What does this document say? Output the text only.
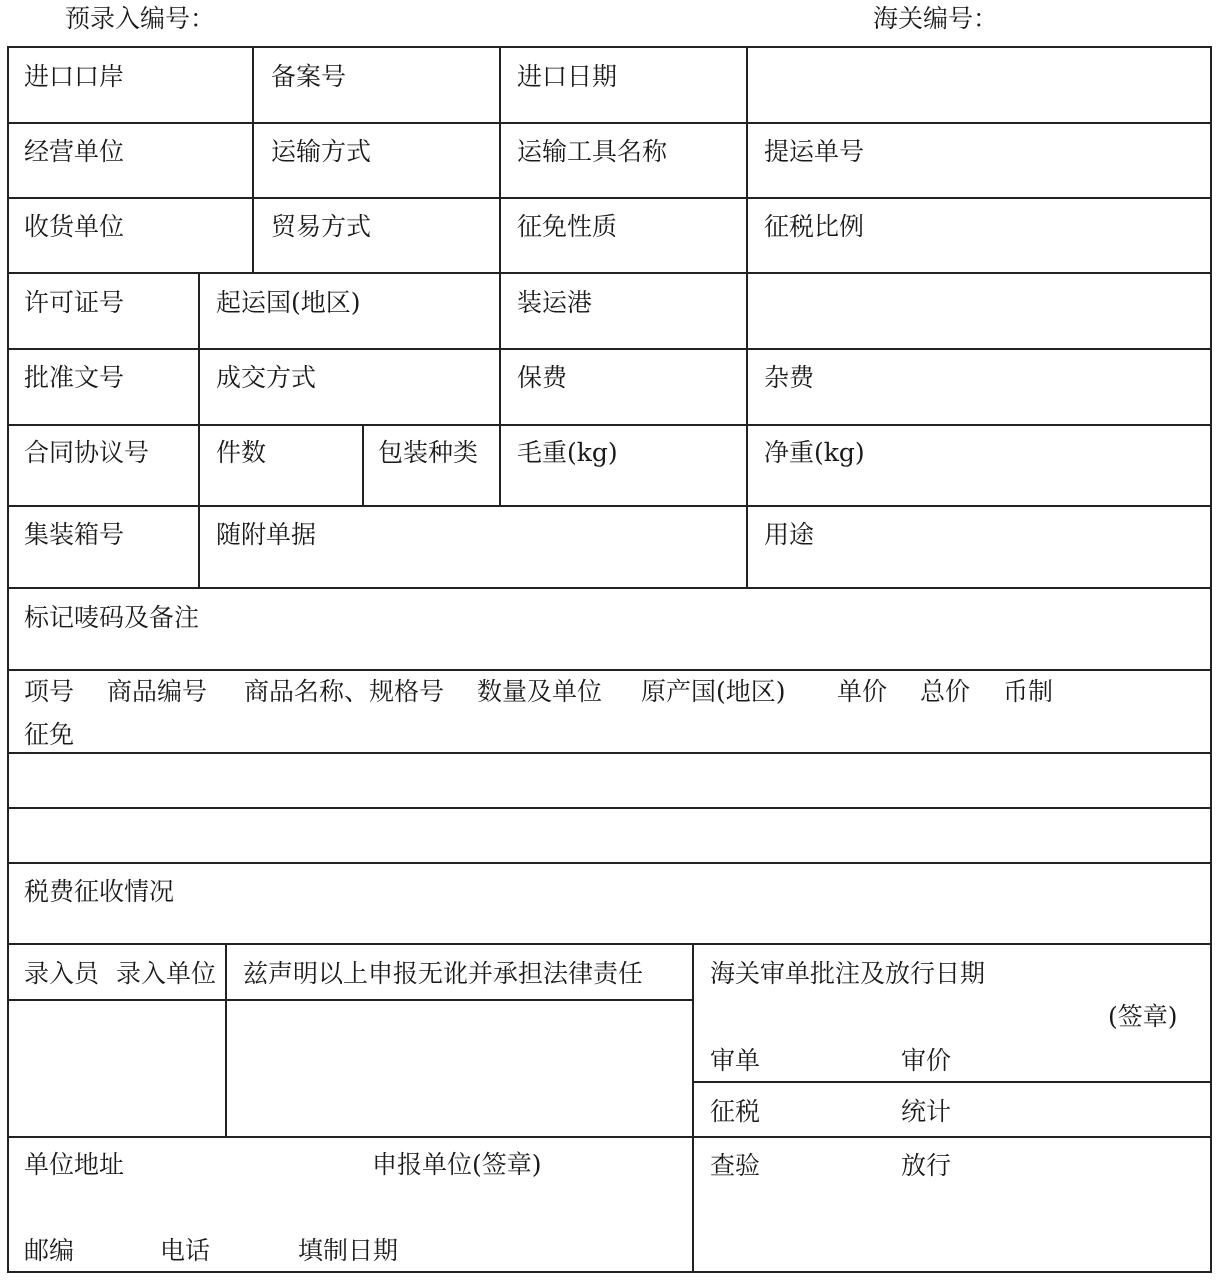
预录入编号：	海关编号：
进口口岸	备案号	进口日期
经营单位	运输方式	运输工具名称	提运单号
收货单位	贸易方式	征免性质	征税比例
许可证号	起运国(地区)	装运港
批准文号	成交方式	保费	杂费
合同协议号	件数	包装种类 毛重(kg)	净重(kg)
集装箱号	随附单据	用途
标记唛码及备注
项号 商品编号 商品名称、规格号 数量及单位 原产国(地区) 单价 总价 币制
征免
税费征收情况
录入员 录入单位 兹声明以上申报无讹并承担法律责任	海关审单批注及放行日期
(签章)
审单	审价
征税	统计
单位地址	申报单位(签章)	查验	放行
邮编	电话	填制日期
